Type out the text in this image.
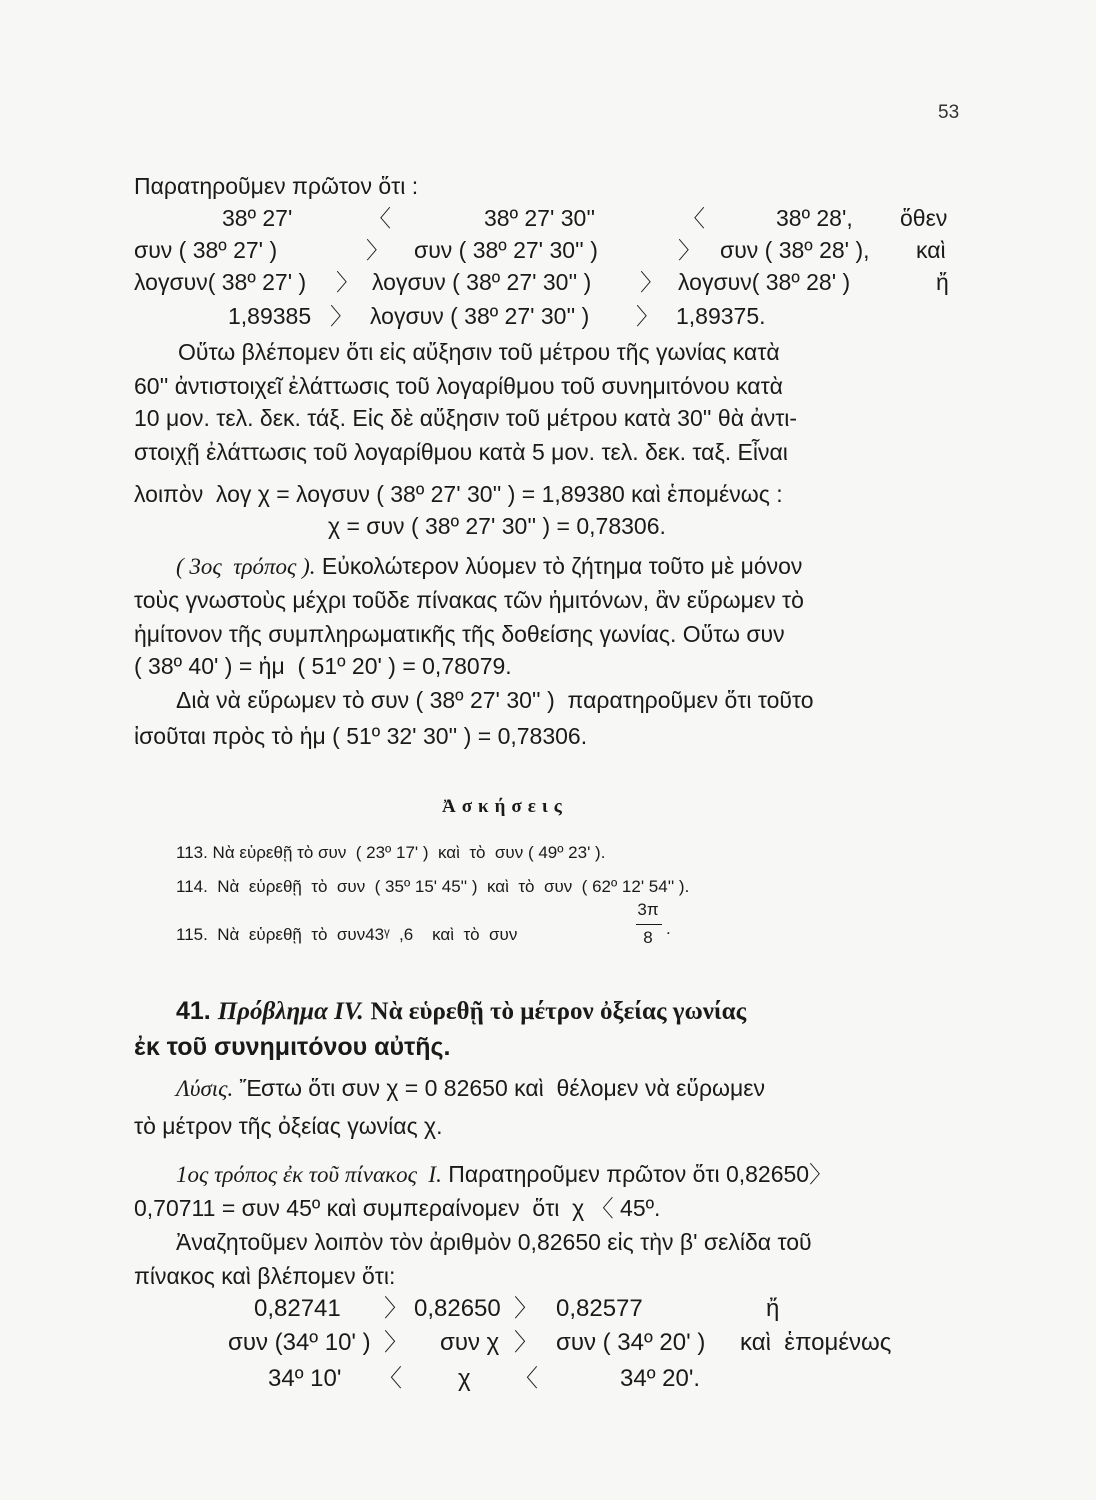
53
Παρατηροῦμεν πρῶτον ὅτι :
38º 27'	〈	38º 27' 30''	〈	38º 28', ὅθεν
συν ( 38º 27' )	〉 συν ( 38º 27' 30'' )	〉 συν ( 38º 28' ), καὶ
λογσυν( 38º 27' ) 〉 λογσυν ( 38º 27' 30'' ) 〉 λογσυν( 38º 28' )	ἤ
1,89385 〉 λογσυν ( 38º 27' 30'' ) 〉 1,89375.
Οὕτω βλέπομεν ὅτι εἰς αὔξησιν τοῦ μέτρου τῆς γωνίας κατὰ
60'' ἀντιστοιχεῖ ἐλάττωσις τοῦ λογαρίθμου τοῦ συνημιτόνου κατὰ
10 μον. τελ. δεκ. τάξ. Εἰς δὲ αὔξησιν τοῦ μέτρου κατὰ 30'' θὰ ἀντι-
στοιχῇ ἐλάττωσις τοῦ λογαρίθμου κατὰ 5 μον. τελ. δεκ. ταξ. Εἶναι
λοιπὸν  λογ χ = λογσυν ( 38º 27' 30'' ) = 1,89380 καὶ ἑπομένως :
χ = συν ( 38º 27' 30'' ) = 0,78306.
( 3ος  τρόπος ). Εὐκολώτερον λύομεν τὸ ζήτημα τοῦτο μὲ μόνον
τοὺς γνωστοὺς μέχρι τοῦδε πίνακας τῶν ἡμιτόνων, ἂν εὕρωμεν τὸ
ἡμίτονον τῆς συμπληρωματικῆς τῆς δοθείσης γωνίας. Οὕτω συν
( 38º 40' ) = ἡμ  ( 51º 20' ) = 0,78079.
Διὰ νὰ εὕρωμεν τὸ συν ( 38º 27' 30'' )  παρατηροῦμεν ὅτι τοῦτο
ἰσοῦται πρὸς τὸ ἡμ ( 51º 32' 30'' ) = 0,78306.
Ἀσκήσεις
113. Νὰ εὑρεθῇ τὸ συν  ( 23º 17' )  καὶ  τὸ  συν ( 49º 23' ).
114.  Νὰ  εὑρεθῇ  τὸ  συν  ( 35º 15' 45'' )  καὶ  τὸ  συν  ( 62º 12' 54'' ).
115.  Νὰ  εὑρεθῇ  τὸ  συν43ᵞ  ,6    καὶ  τὸ  συν
3π
8 .
41. Πρόβλημα IV. Νὰ εὑρεθῇ τὸ μέτρον ὀξείας γωνίας
ἐκ τοῦ συνημιτόνου αὐτῆς.
Λύσις. Ἔστω ὅτι συν χ = 0 82650 καὶ  θέλομεν νὰ εὕρωμεν
τὸ μέτρον τῆς ὀξείας γωνίας χ.
1ος τρόπος ἐκ τοῦ πίνακος  Ι. Παρατηροῦμεν πρῶτον ὅτι 0,82650〉
0,70711 = συν 45º καὶ συμπεραίνομεν  ὅτι  χ 〈 45º.
Ἀναζητοῦμεν λοιπὸν τὸν ἀριθμὸν 0,82650 εἰς τὴν β' σελίδα τοῦ
πίνακος καὶ βλέπομεν ὅτι:
0,82741 〉 0,82650 〉 0,82577	ἤ
συν (34º 10' ) 〉 συν χ 〉 συν ( 34º 20' ) καὶ  ἑπομένως
34º 10' 〈 χ 〈	34º 20'.
